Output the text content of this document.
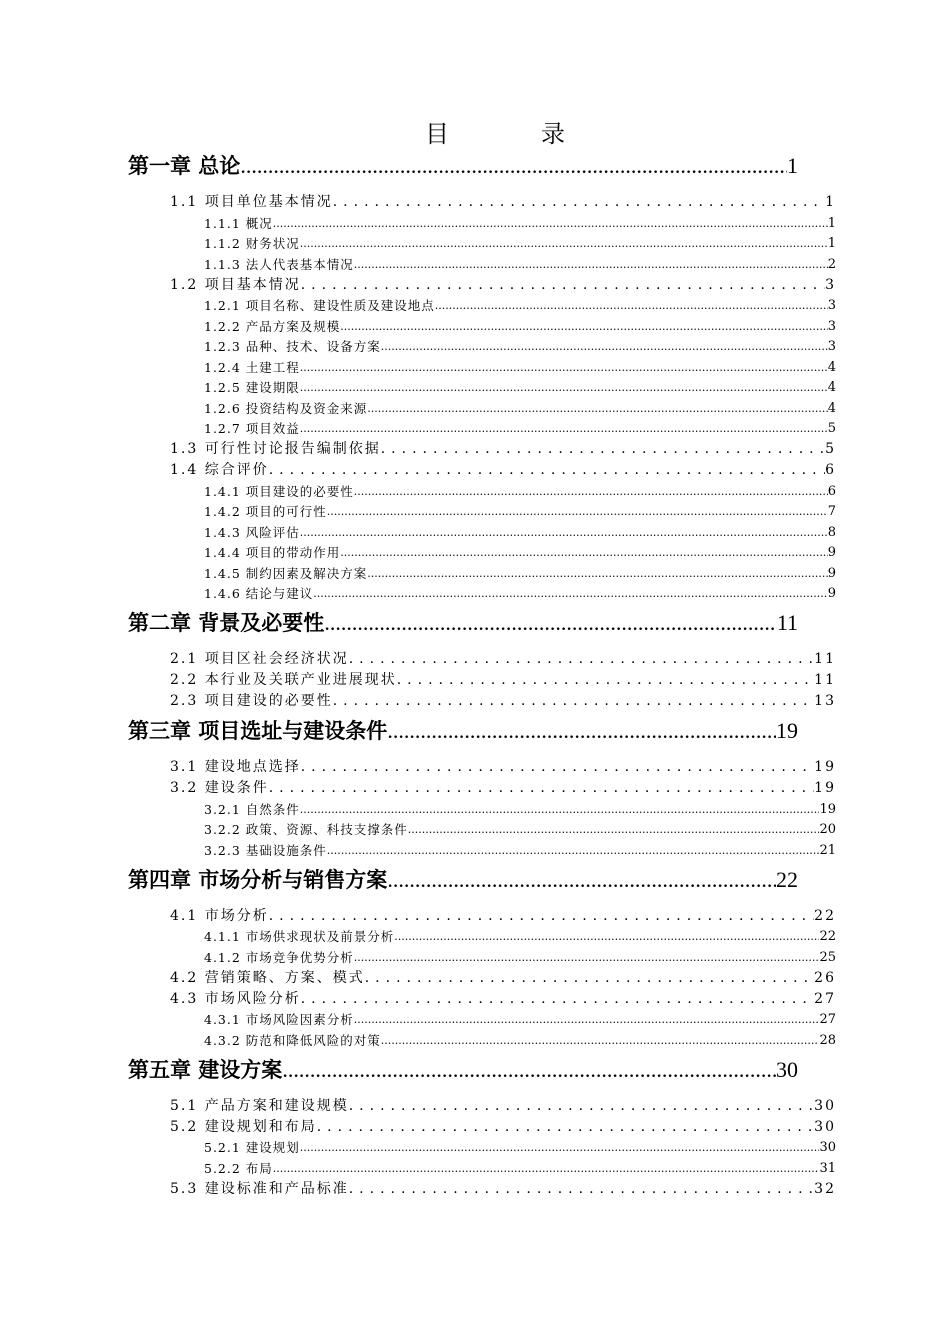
目　录
第一章 总论 .....	1
1.1 项目单位基本情况 .....	1
1.1.1 概况 .....	1
1.1.2 财务状况 .....	1
1.1.3 法人代表基本情况 .....	2
1.2 项目基本情况 .....	3
1.2.1 项目名称、建设性质及建设地点 .....	3
1.2.2 产品方案及规模 .....	3
1.2.3 品种、技术、设备方案 .....	3
1.2.4 土建工程 .....	4
1.2.5 建设期限 .....	4
1.2.6 投资结构及资金来源 .....	4
1.2.7 项目效益 .....	5
1.3 可行性讨论报告编制依据 .....	5
1.4 综合评价 .....	6
1.4.1 项目建设的必要性 .....	6
1.4.2 项目的可行性 .....	7
1.4.3 风险评估 .....	8
1.4.4 项目的带动作用 .....	9
1.4.5 制约因素及解决方案 .....	9
1.4.6 结论与建议 .....	9
第二章 背景及必要性 .....	11
2.1 项目区社会经济状况 .....	11
2.2 本行业及关联产业进展现状 .....	11
2.3 项目建设的必要性 .....	13
第三章 项目选址与建设条件 .....	19
3.1 建设地点选择 .....	19
3.2 建设条件 .....	19
3.2.1 自然条件 .....	19
3.2.2 政策、资源、科技支撑条件 .....	20
3.2.3 基础设施条件 .....	21
第四章 市场分析与销售方案 .....	22
4.1 市场分析 .....	22
4.1.1 市场供求现状及前景分析 .....	22
4.1.2 市场竞争优势分析 .....	25
4.2 营销策略、方案、模式 .....	26
4.3 市场风险分析 .....	27
4.3.1 市场风险因素分析 .....	27
4.3.2 防范和降低风险的对策 .....	28
第五章 建设方案 .....	30
5.1 产品方案和建设规模 .....	30
5.2 建设规划和布局 .....	30
5.2.1 建设规划 .....	30
5.2.2 布局 .....	31
5.3 建设标准和产品标准 .....	32
